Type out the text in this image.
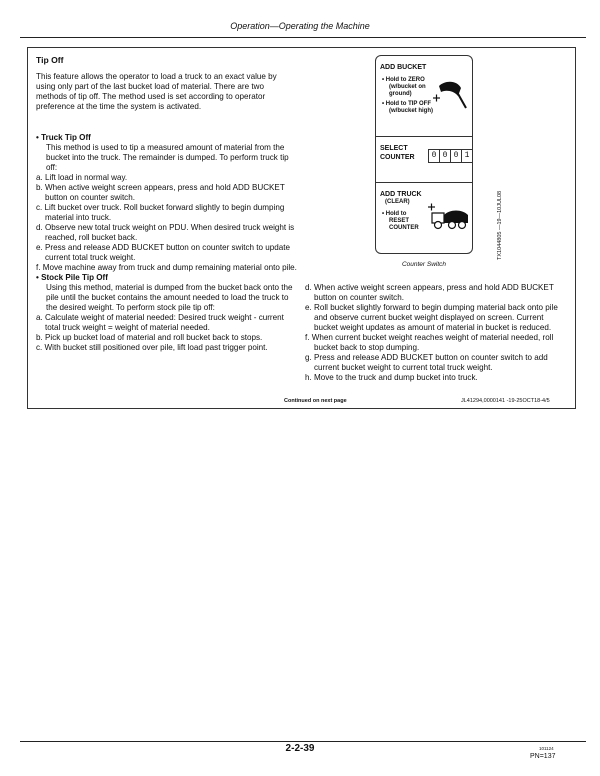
Operation—Operating the Machine
Tip Off
This feature allows the operator to load a truck to an exact value by using only part of the last bucket load of material. There are two methods of tip off. The method used is set according to operator preference at the time the system is activated.

• Truck Tip Off

This method is used to tip a measured amount of material from the bucket into the truck. The remainder is dumped. To perform truck tip off:

a. Lift load in normal way.

b. When active weight screen appears, press and hold ADD BUCKET button on counter switch.

c. Lift bucket over truck. Roll bucket forward slightly to begin dumping material into truck.

d. Observe new total truck weight on PDU. When desired truck weight is reached, roll bucket back.

e. Press and release ADD BUCKET button on counter switch to update current total truck weight.

f. Move machine away from truck and dump remaining material onto pile.

• Stock Pile Tip Off

Using this method, material is dumped from the bucket back onto the pile until the bucket contains the amount needed to load the truck to the desired weight. To perform stock pile tip off:

a. Calculate weight of material needed: Desired truck weight - current total truck weight = weight of material needed.

b. Pick up bucket load of material and roll bucket back to stops.

c. With bucket still positioned over pile, lift load past trigger point.

d. When active weight screen appears, press and hold ADD BUCKET button on counter switch.

e. Roll bucket slightly forward to begin dumping material back onto pile and observe current bucket weight displayed on screen. Current bucket weight updates as amount of material in bucket is reduced.

f. When current bucket weight reaches weight of material needed, roll bucket back to stop dumping.

g. Press and release ADD BUCKET button on counter switch to add current bucket weight to current total truck weight.

h. Move to the truck and dump bucket into truck.

ADD BUCKET
• Hold to ZERO
(w/bucket on
ground)
• Hold to TIP OFF
(w/bucket high)
SELECT
COUNTER	0 0 0 1
ADD TRUCK
(CLEAR)
• Hold to
RESET
COUNTER
Counter Switch
TX1044805 —19—10JUL08
Continued on next page	JL41294,0000141 -19-25OCT18-4/5
2-2-39	101124
PN=137
